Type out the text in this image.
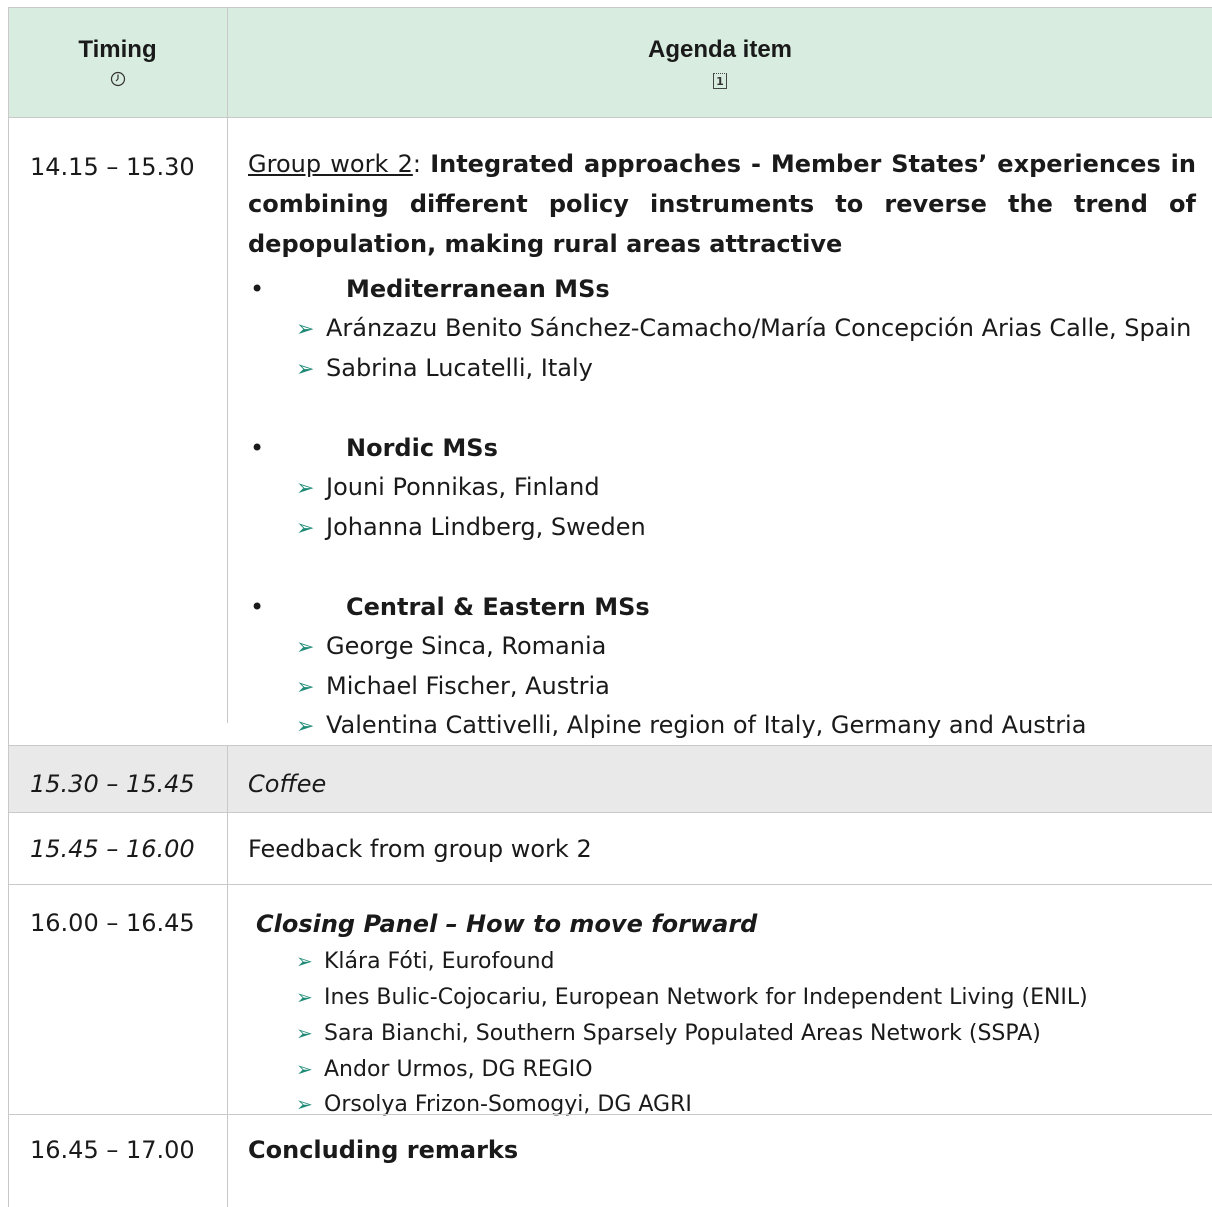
Timing	Agenda item
1
14.15 – 15.30 Group work 2: Integrated approaches - Member States’ experiences in combining different policy instruments to reverse the trend of depopulation, making rural areas attractive
•	Mediterranean MSs
➢ Aránzazu Benito Sánchez-Camacho/María Concepción Arias Calle, Spain
➢ Sabrina Lucatelli, Italy
•	Nordic MSs
➢ Jouni Ponnikas, Finland
➢ Johanna Lindberg, Sweden
•	Central & Eastern MSs
➢ George Sinca, Romania
➢ Michael Fischer, Austria
➢ Valentina Cattivelli, Alpine region of Italy, Germany and Austria
15.30 – 15.45 Coffee
15.45 – 16.00 Feedback from group work 2
16.00 – 16.45	Closing Panel – How to move forward
➢ Klára Fóti, Eurofound
➢ Ines Bulic-Cojocariu, European Network for Independent Living (ENIL)
➢ Sara Bianchi, Southern Sparsely Populated Areas Network (SSPA)
➢ Andor Urmos, DG REGIO
➢ Orsolya Frizon-Somogyi, DG AGRI
16.45 – 17.00 Concluding remarks
